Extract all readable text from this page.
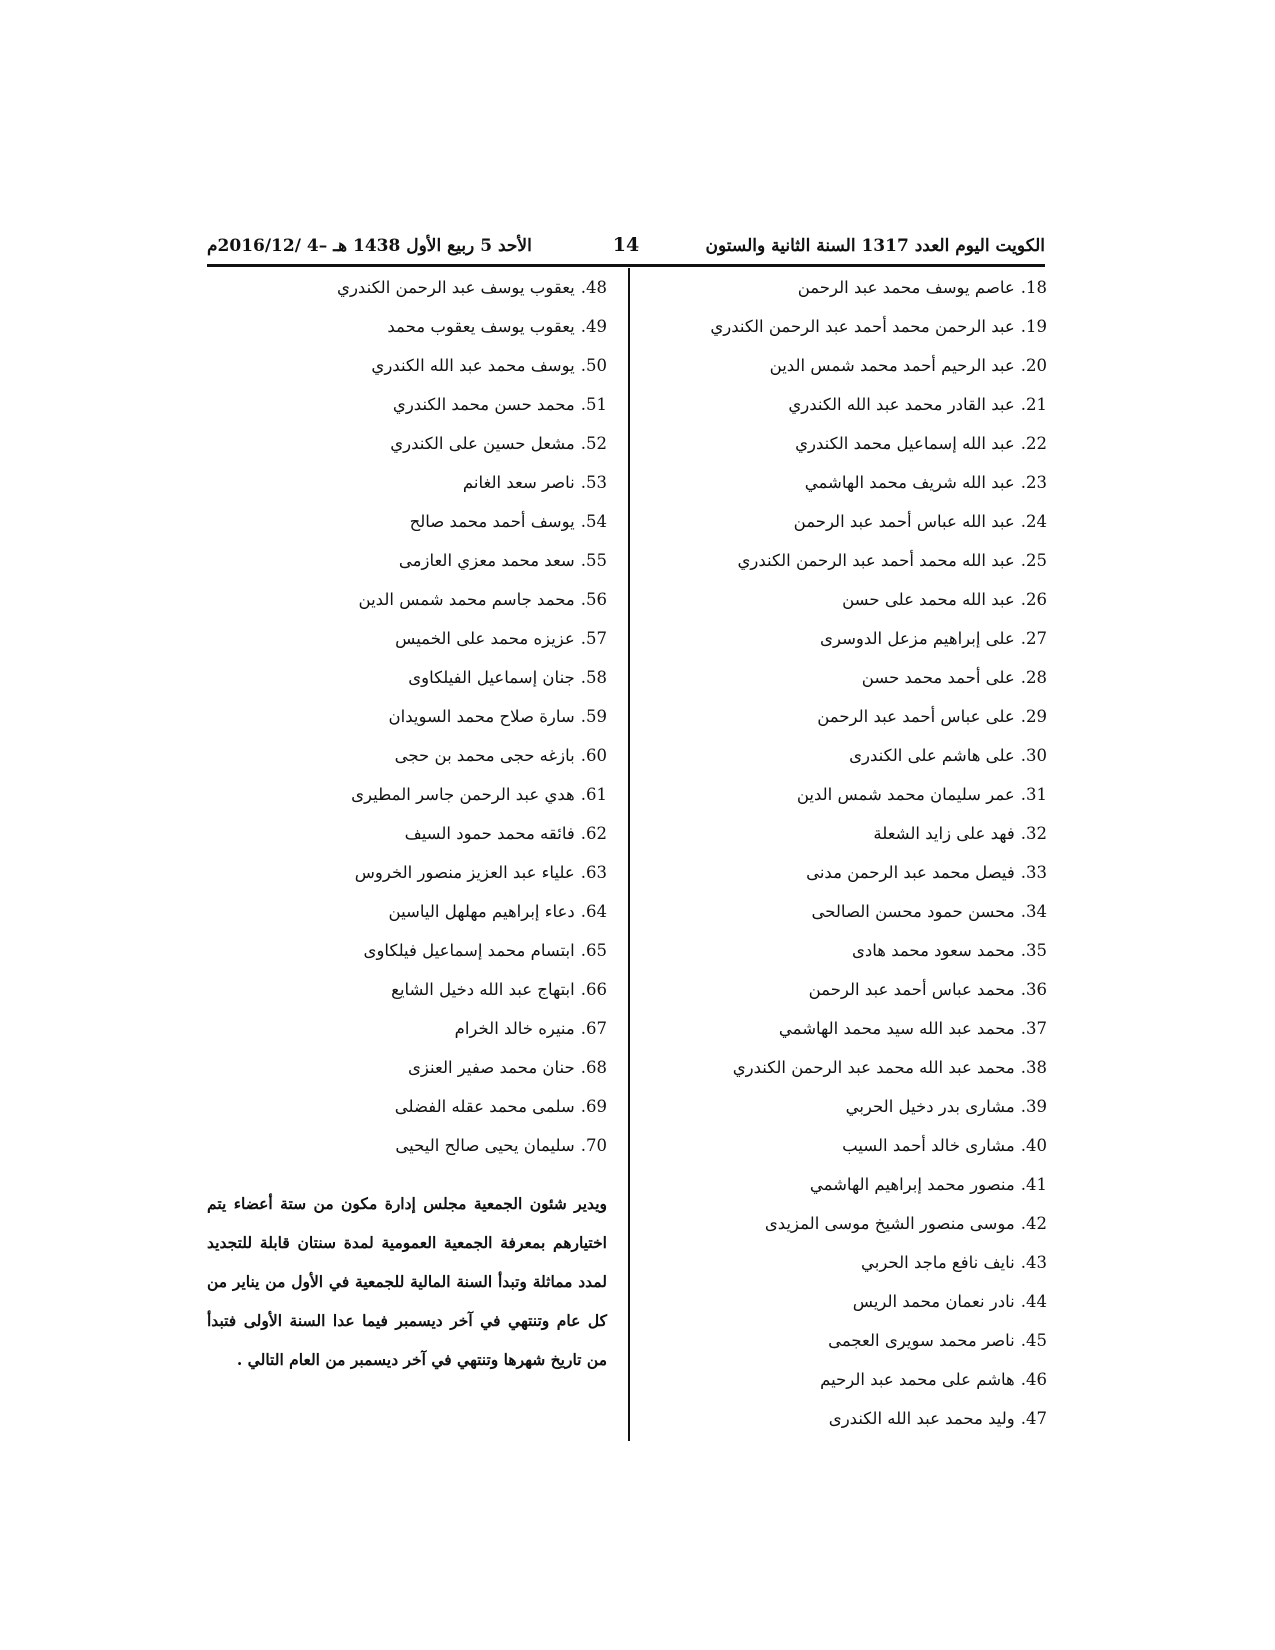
الكويت اليوم العدد 1317 السنة الثانية والستون
14
الأحد 5 ربيع الأول 1438 هـ –4 /2016/12م
18.عاصم يوسف محمد عبد الرحمن
19.عبد الرحمن محمد أحمد عبد الرحمن الكندري
20.عبد الرحيم أحمد محمد شمس الدين
21.عبد القادر محمد عبد الله الكندري
22.عبد الله إسماعيل محمد الكندري
23.عبد الله شريف محمد الهاشمي
24.عبد الله عباس أحمد عبد الرحمن
25.عبد الله محمد أحمد عبد الرحمن الكندري
26.عبد الله محمد على حسن
27.على إبراهيم مزعل الدوسرى
28.على أحمد محمد حسن
29.على عباس أحمد عبد الرحمن
30.على هاشم على الكندرى
31.عمر سليمان محمد شمس الدين
32.فهد على زايد الشعلة
33.فيصل محمد عبد الرحمن مدنى
34.محسن حمود محسن الصالحى
35.محمد سعود محمد هادى
36.محمد عباس أحمد عبد الرحمن
37.محمد عبد الله سيد محمد الهاشمي
38.محمد عبد الله محمد عبد الرحمن الكندري
39.مشارى بدر دخيل الحربي
40.مشارى خالد أحمد السيب
41.منصور محمد إبراهيم الهاشمي
42.موسى منصور الشيخ موسى المزيدى
43.نايف نافع ماجد الحربي
44.نادر نعمان محمد الريس
45.ناصر محمد سويرى العجمى
46.هاشم على محمد عبد الرحيم
47.وليد محمد عبد الله الكندرى
48.يعقوب يوسف عبد الرحمن الكندري
49.يعقوب يوسف يعقوب محمد
50.يوسف محمد عبد الله الكندري
51.محمد حسن محمد الكندري
52.مشعل حسين على الكندري
53.ناصر سعد الغانم
54.يوسف أحمد محمد صالح
55.سعد محمد معزي العازمى
56.محمد جاسم محمد شمس الدين
57.عزيزه محمد على الخميس
58.جنان إسماعيل الفيلكاوى
59.سارة صلاح محمد السويدان
60.بازغه حجى محمد بن حجى
61.هدي عبد الرحمن جاسر المطيرى
62.فائقه محمد حمود السيف
63.علياء عبد العزيز منصور الخروس
64.دعاء إبراهيم مهلهل الياسين
65.ابتسام محمد إسماعيل فيلكاوى
66.ابتهاج عبد الله دخيل الشايع
67.منيره خالد الخرام
68.حنان محمد صفير العنزى
69.سلمى محمد عقله الفضلى
70.سليمان يحيى صالح اليحيى

ويدير شئون الجمعية مجلس إدارة مكون من ستة أعضاء يتم اختيارهم بمعرفة الجمعية العمومية لمدة سنتان قابلة للتجديد لمدد مماثلة وتبدأ السنة المالية للجمعية في الأول من يناير من كل عام وتنتهي في آخر ديسمبر فيما عدا السنة الأولى فتبدأ من تاريخ شهرها وتنتهي في آخر ديسمبر من العام التالي .
